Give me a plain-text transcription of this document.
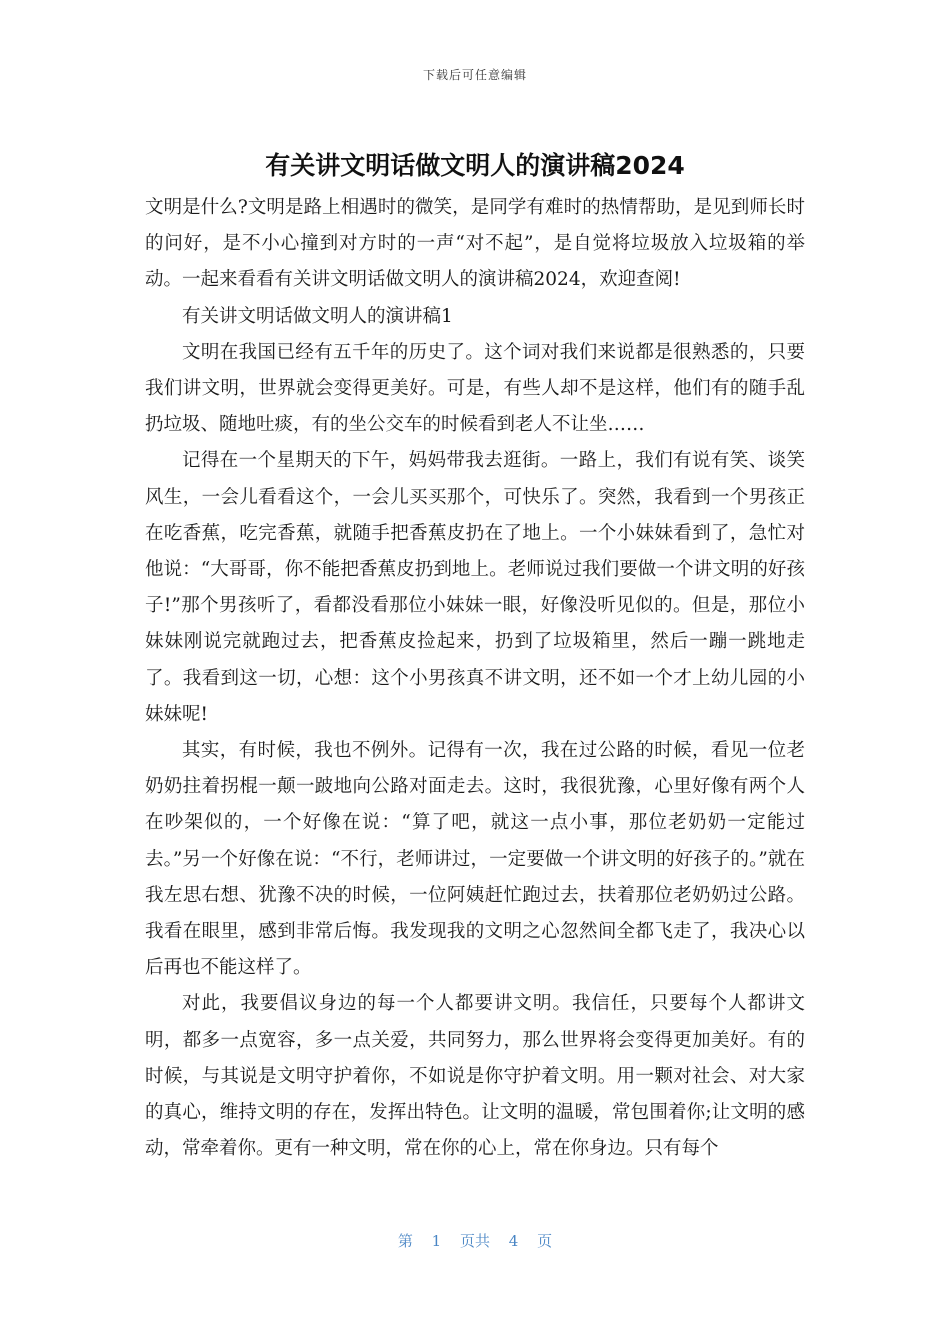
下载后可任意编辑
有关讲文明话做文明人的演讲稿2024

文明是什么?文明是路上相遇时的微笑，是同学有难时的热情帮助，是见到师长时的问好，是不小心撞到对方时的一声“对不起”，是自觉将垃圾放入垃圾箱的举动。一起来看看有关讲文明话做文明人的演讲稿2024，欢迎查阅!

有关讲文明话做文明人的演讲稿1

文明在我国已经有五千年的历史了。这个词对我们来说都是很熟悉的，只要我们讲文明，世界就会变得更美好。可是，有些人却不是这样，他们有的随手乱扔垃圾、随地吐痰，有的坐公交车的时候看到老人不让坐……

记得在一个星期天的下午，妈妈带我去逛街。一路上，我们有说有笑、谈笑风生，一会儿看看这个，一会儿买买那个，可快乐了。突然，我看到一个男孩正在吃香蕉，吃完香蕉，就随手把香蕉皮扔在了地上。一个小妹妹看到了，急忙对他说：“大哥哥，你不能把香蕉皮扔到地上。老师说过我们要做一个讲文明的好孩子!”那个男孩听了，看都没看那位小妹妹一眼，好像没听见似的。但是，那位小妹妹刚说完就跑过去，把香蕉皮捡起来，扔到了垃圾箱里，然后一蹦一跳地走了。我看到这一切，心想：这个小男孩真不讲文明，还不如一个才上幼儿园的小妹妹呢!

其实，有时候，我也不例外。记得有一次，我在过公路的时候，看见一位老奶奶拄着拐棍一颠一跛地向公路对面走去。这时，我很犹豫，心里好像有两个人在吵架似的，一个好像在说：“算了吧，就这一点小事，那位老奶奶一定能过去。”另一个好像在说：“不行，老师讲过，一定要做一个讲文明的好孩子的。”就在我左思右想、犹豫不决的时候，一位阿姨赶忙跑过去，扶着那位老奶奶过公路。我看在眼里，感到非常后悔。我发现我的文明之心忽然间全都飞走了，我决心以后再也不能这样了。

对此，我要倡议身边的每一个人都要讲文明。我信任，只要每个人都讲文明，都多一点宽容，多一点关爱，共同努力，那么世界将会变得更加美好。有的时候，与其说是文明守护着你，不如说是你守护着文明。用一颗对社会、对大家的真心，维持文明的存在，发挥出特色。让文明的温暖，常包围着你;让文明的感动，常牵着你。更有一种文明，常在你的心上，常在你身边。只有每个

第 1 页共 4 页
